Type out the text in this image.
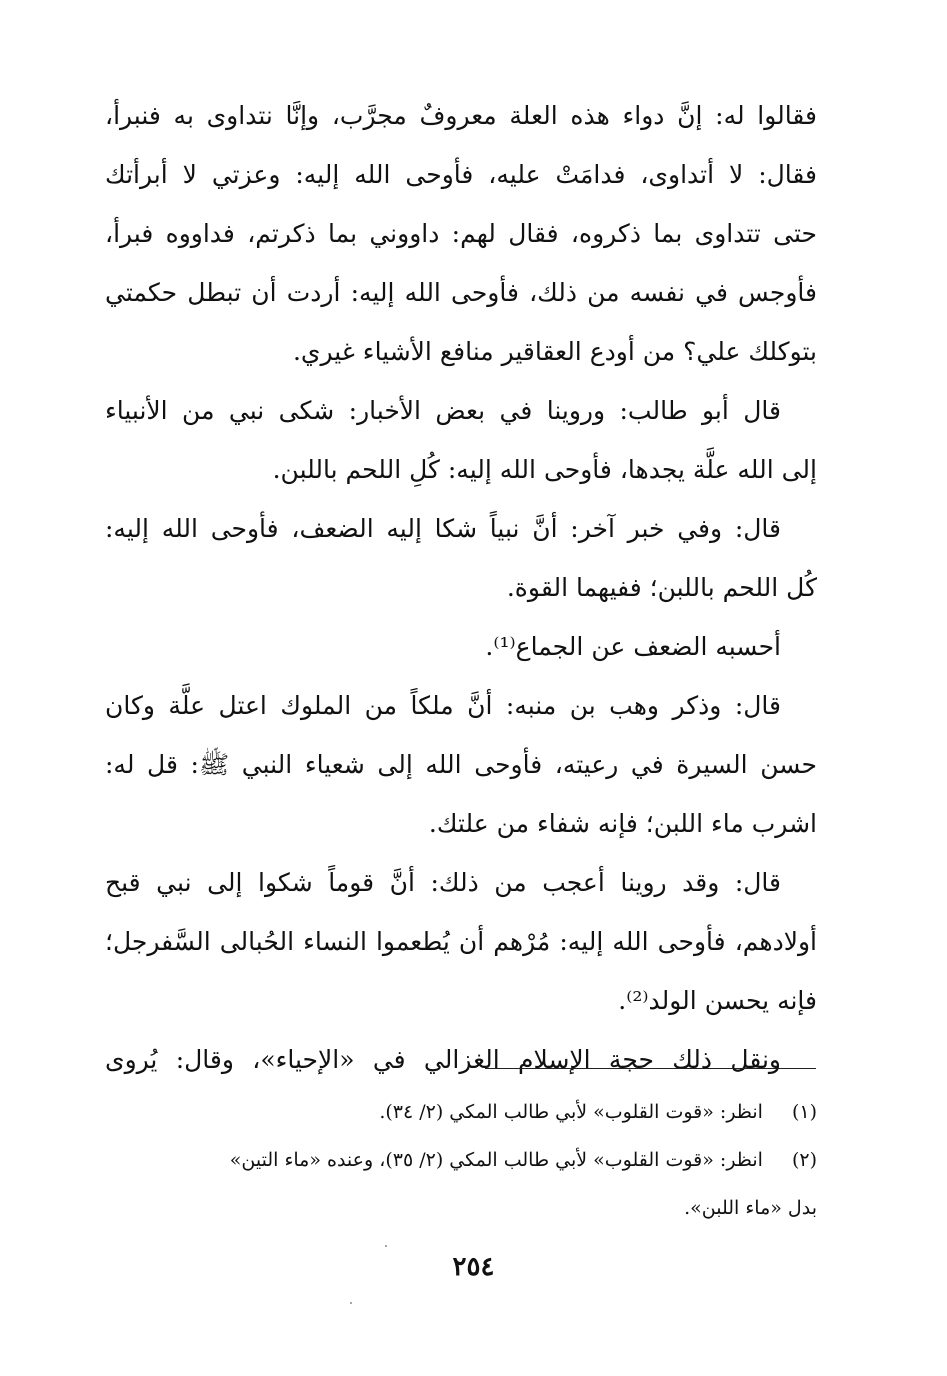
فقالوا له: إنَّ دواء هذه العلة معروفٌ مجرَّب، وإنَّا نتداوى به فنبرأ،
فقال: لا أتداوى، فدامَتْ عليه، فأوحى الله إليه: وعزتي لا أبرأتك
حتى تتداوى بما ذكروه، فقال لهم: داووني بما ذكرتم، فداووه فبرأ،
فأوجس في نفسه من ذلك، فأوحى الله إليه: أردت أن تبطل حكمتي
بتوكلك علي؟ من أودع العقاقير منافع الأشياء غيري.
قال أبو طالب: وروينا في بعض الأخبار: شكى نبي من الأنبياء
إلى الله علَّة يجدها، فأوحى الله إليه: كُلِ اللحم باللبن.
قال: وفي خبر آخر: أنَّ نبياً شكا إليه الضعف، فأوحى الله إليه:
كُل اللحم باللبن؛ ففيهما القوة.
أحسبه الضعف عن الجماع⁽¹⁾.
قال: وذكر وهب بن منبه: أنَّ ملكاً من الملوك اعتل علَّة وكان
حسن السيرة في رعيته، فأوحى الله إلى شعياء النبي ﷺ: قل له:
اشرب ماء اللبن؛ فإنه شفاء من علتك.
قال: وقد روينا أعجب من ذلك: أنَّ قوماً شكوا إلى نبي قبح
أولادهم، فأوحى الله إليه: مُرْهم أن يُطعموا النساء الحُبالى السَّفرجل؛
فإنه يحسن الولد⁽²⁾.
ونقل ذلك حجة الإسلام الغزالي في «الإحياء»، وقال: يُروى
(١) انظر: «قوت القلوب» لأبي طالب المكي (٢/ ٣٤).
(٢) انظر: «قوت القلوب» لأبي طالب المكي (٢/ ٣٥)، وعنده «ماء التين»
بدل «ماء اللبن».
٢٥٤
